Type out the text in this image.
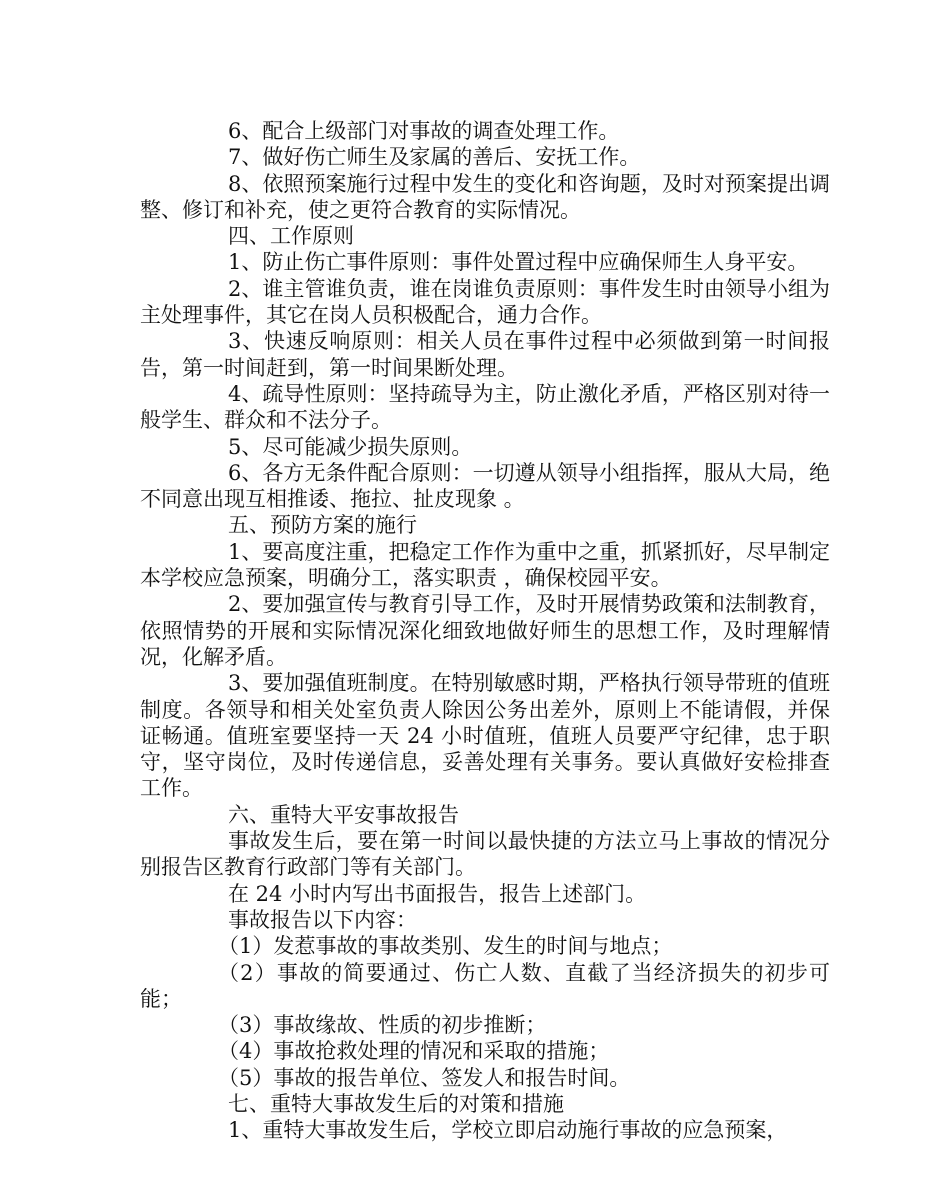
6、配合上级部门对事故的调查处理工作。

7、做好伤亡师生及家属的善后、安抚工作。

8、依照预案施行过程中发生的变化和咨询题，及时对预案提出调整、修订和补充，使之更符合教育的实际情况。

四、工作原则

1、防止伤亡事件原则：事件处置过程中应确保师生人身平安。

2、谁主管谁负责，谁在岗谁负责原则：事件发生时由领导小组为主处理事件，其它在岗人员积极配合，通力合作。

3、快速反响原则：相关人员在事件过程中必须做到第一时间报告，第一时间赶到，第一时间果断处理。

4、疏导性原则：坚持疏导为主，防止激化矛盾，严格区别对待一般学生、群众和不法分子。

5、尽可能减少损失原则。

6、各方无条件配合原则：一切遵从领导小组指挥，服从大局，绝不同意出现互相推诿、拖拉、扯皮现象 。

五、预防方案的施行

1、要高度注重，把稳定工作作为重中之重，抓紧抓好，尽早制定本学校应急预案，明确分工，落实职责 ，确保校园平安。

2、要加强宣传与教育引导工作，及时开展情势政策和法制教育，依照情势的开展和实际情况深化细致地做好师生的思想工作，及时理解情况，化解矛盾。

3、要加强值班制度。在特别敏感时期，严格执行领导带班的值班制度。各领导和相关处室负责人除因公务出差外，原则上不能请假，并保证畅通。值班室要坚持一天 24 小时值班，值班人员要严守纪律，忠于职守，坚守岗位，及时传递信息，妥善处理有关事务。要认真做好安检排查工作。

六、重特大平安事故报告

事故发生后，要在第一时间以最快捷的方法立马上事故的情况分别报告区教育行政部门等有关部门。

在 24 小时内写出书面报告，报告上述部门。

事故报告以下内容：

（1）发惹事故的事故类别、发生的时间与地点；

（2）事故的简要通过、伤亡人数、直截了当经济损失的初步可能；

（3）事故缘故、性质的初步推断；

（4）事故抢救处理的情况和采取的措施；

（5）事故的报告单位、签发人和报告时间。

七、重特大事故发生后的对策和措施

1、重特大事故发生后，学校立即启动施行事故的应急预案，
